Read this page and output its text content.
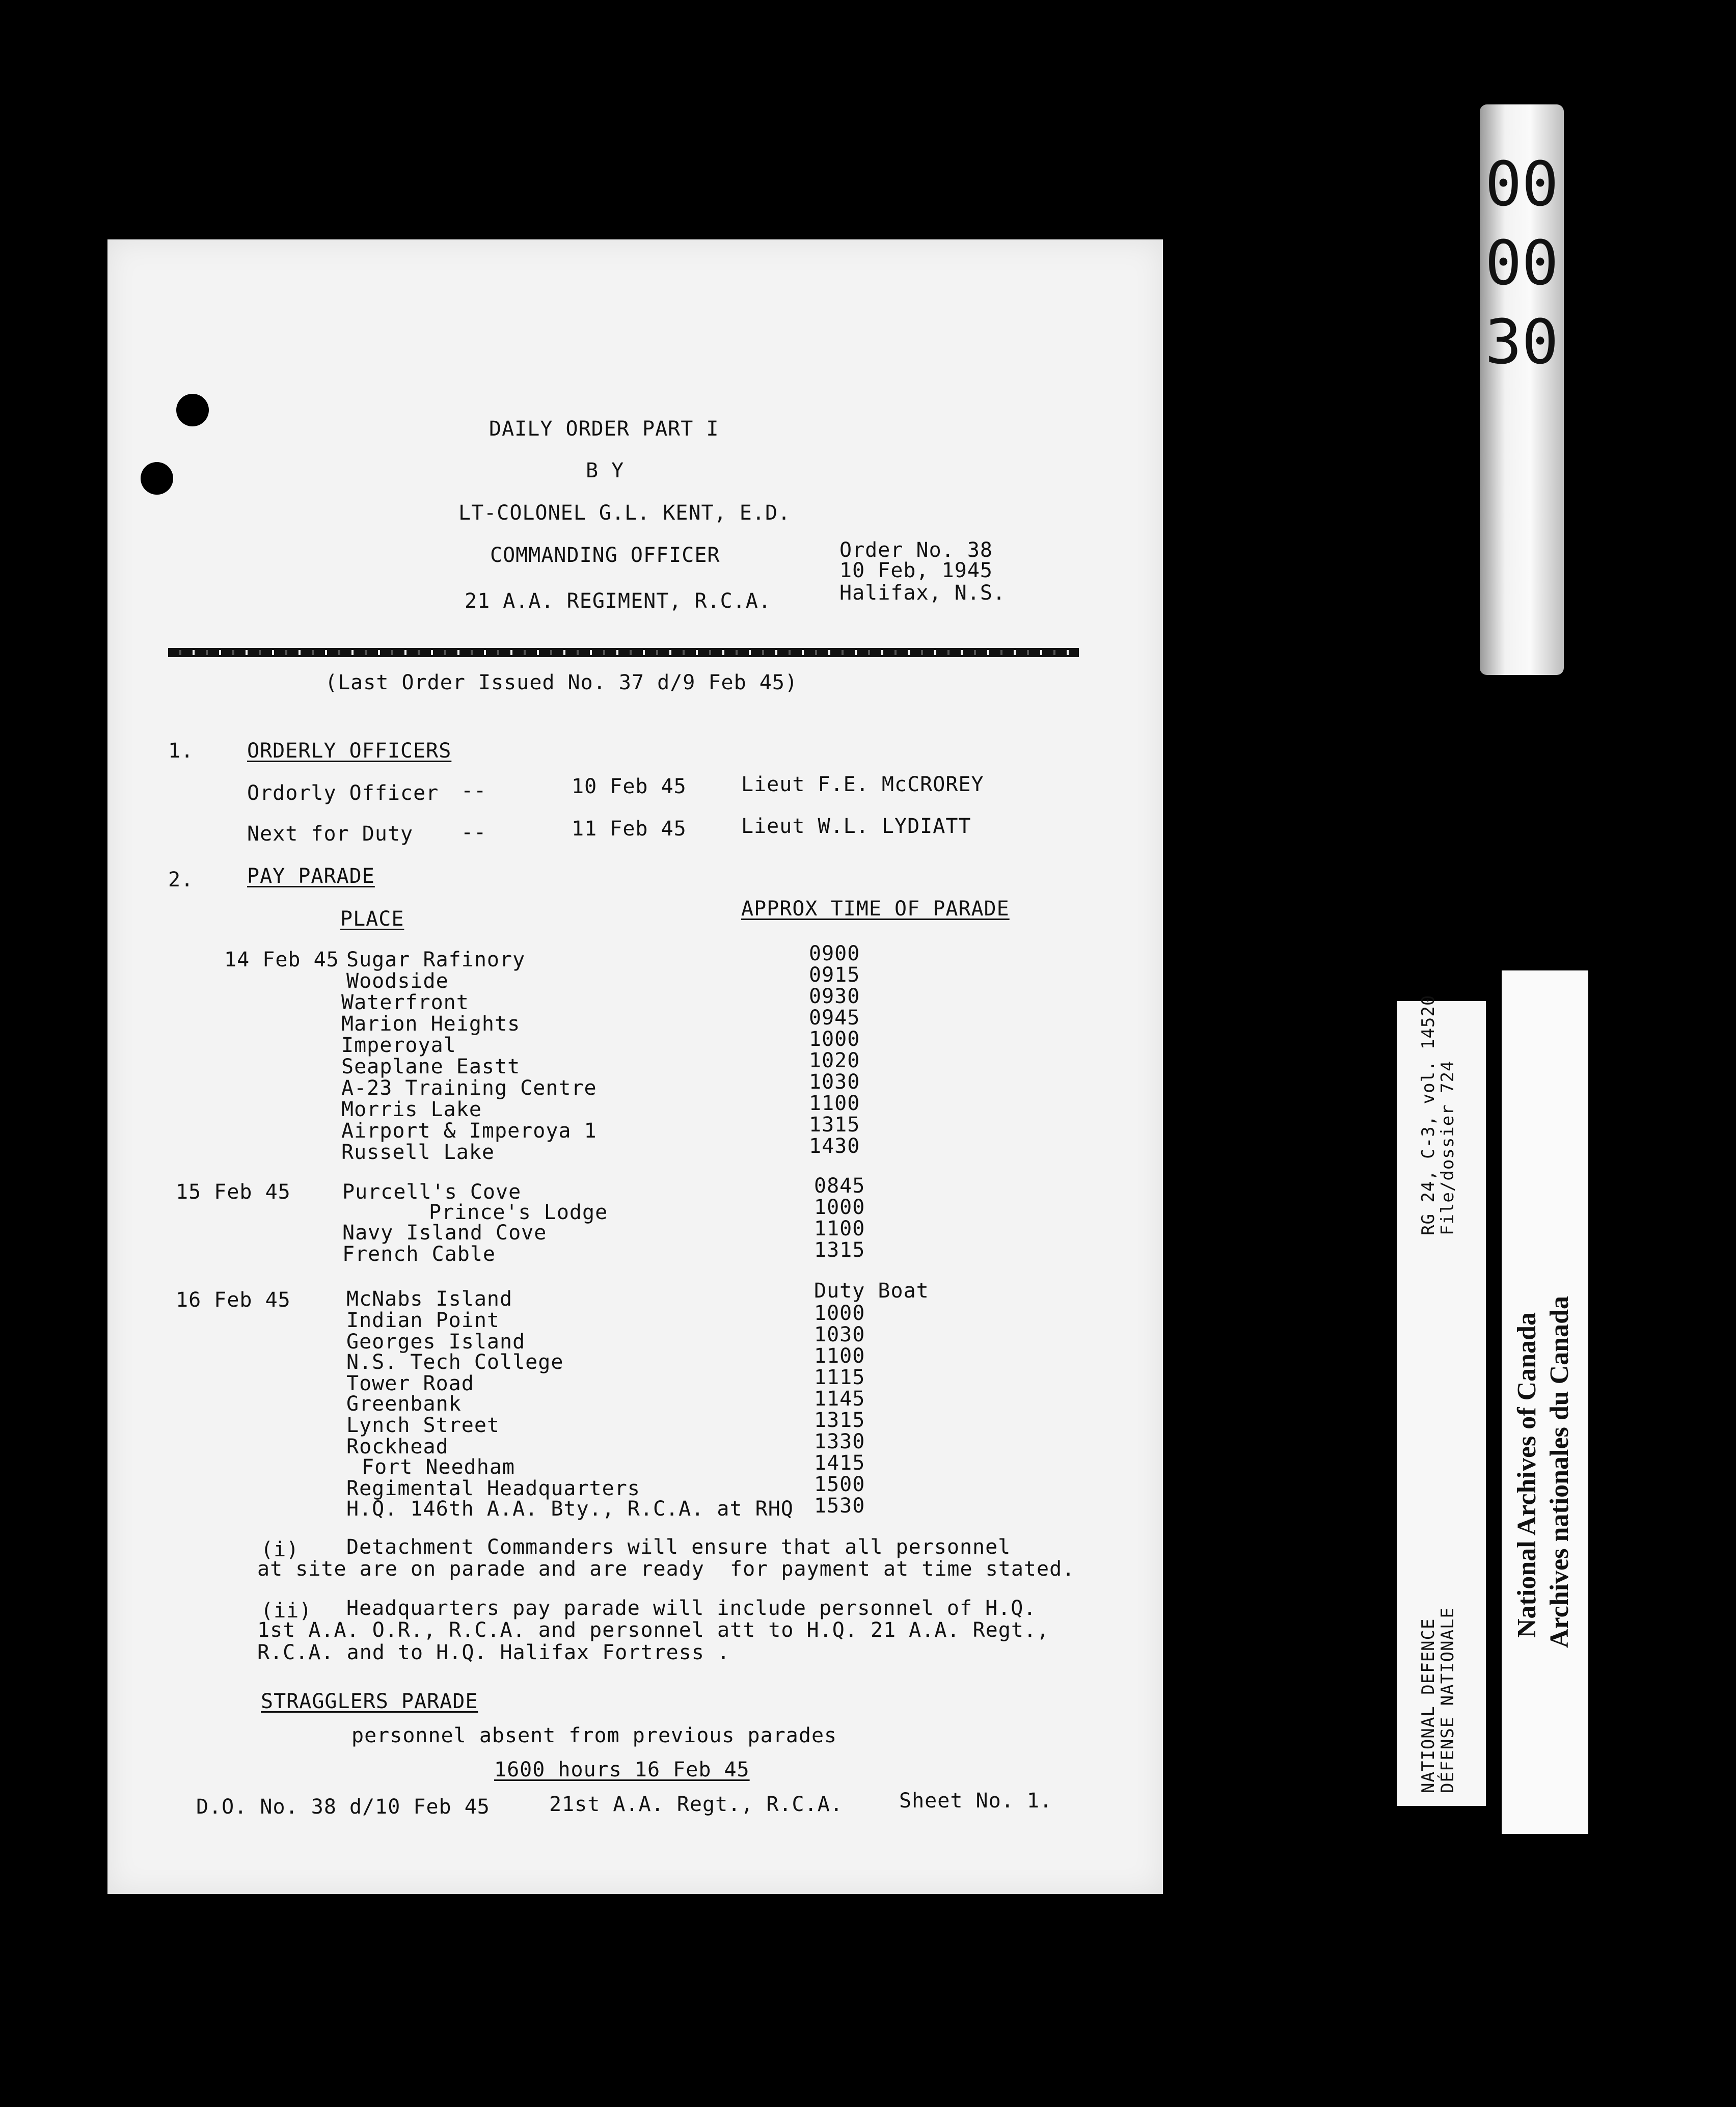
DAILY ORDER PART I
B Y
LT-COLONEL G.L. KENT, E.D.
COMMANDING OFFICER
21 A.A. REGIMENT, R.C.A.
Order No. 38
10 Feb, 1945
Halifax, N.S.
(Last Order Issued No. 37 d/9 Feb 45)
1.	ORDERLY OFFICERS
Ordorly Officer --	10 Feb 45	Lieut F.E. McCROREY
Next for Duty --	11 Feb 45	Lieut W.L. LYDIATT
2.	PAY PARADE
PLACE	APPROX TIME OF PARADE
14 Feb 45 Sugar Rafinory	0900
Woodside	0915
Waterfront	0930
Marion Heights	0945
Imperoyal	1000
Seaplane Eastt	1020
A-23 Training Centre	1030
Morris Lake	1100
Airport & Imperoya 1	1315
Russell Lake	1430
15 Feb 45	Purcell's Cove	0845
Prince's Lodge	1000
Navy Island Cove	1100
French Cable	1315
16 Feb 45	McNabs Island	Duty Boat
Indian Point	1000
Georges Island	1030
N.S. Tech College	1100
Tower Road	1115
Greenbank	1145
Lynch Street	1315
Rockhead	1330
Fort Needham	1415
Regimental Headquarters	1500
H.Q. 146th A.A. Bty., R.C.A. at RHQ 1530
(i) Detachment Commanders will ensure that all personnel
at site are on parade and are ready  for payment at time stated.
(ii) Headquarters pay parade will include personnel of H.Q.
1st A.A. O.R., R.C.A. and personnel att to H.Q. 21 A.A. Regt.,
R.C.A. and to H.Q. Halifax Fortress .
STRAGGLERS PARADE
personnel absent from previous parades
1600 hours 16 Feb 45
D.O. No. 38 d/10 Feb 45	21st A.A. Regt., R.C.A.	Sheet No. 1.
000030
NATIONAL DEFENCE
DÉFENSE NATIONALE
RG 24, C-3, vol. 14520
File/dossier 724
National Archives of Canada Archives nationales du Canada
